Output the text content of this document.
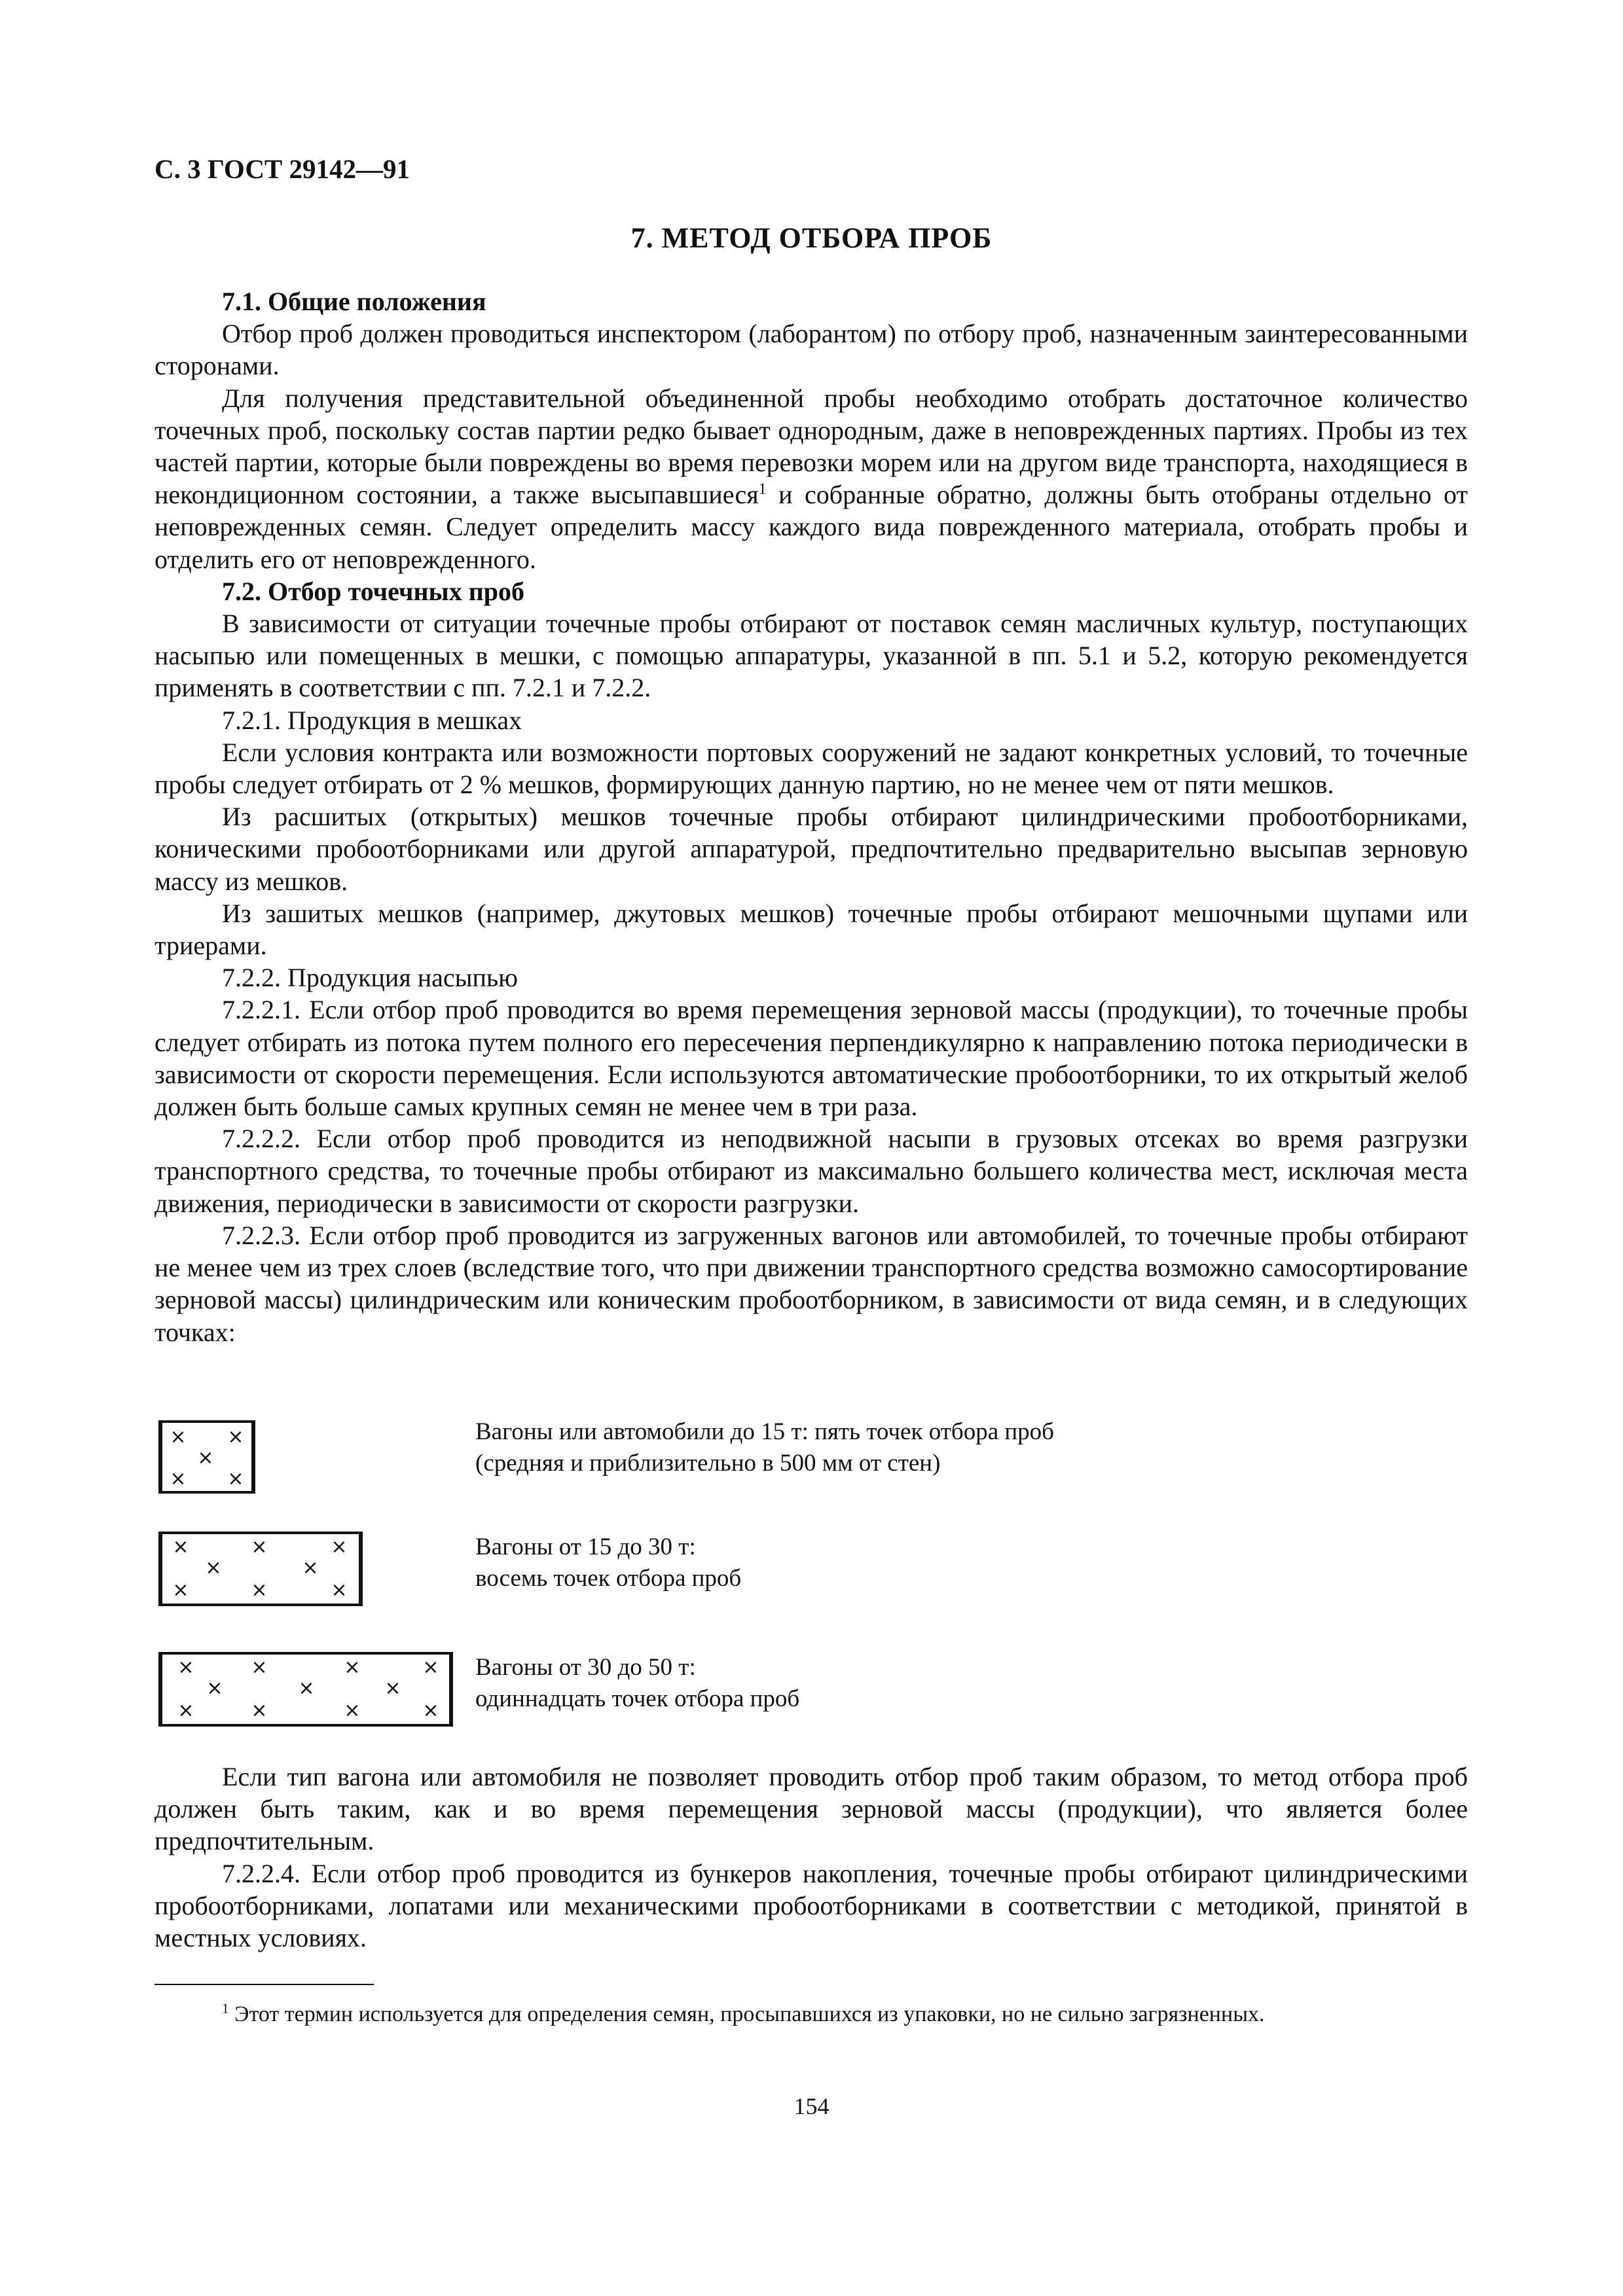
С. 3 ГОСТ 29142—91
7. МЕТОД ОТБОРА ПРОБ

7.1. Общие положения

Отбор проб должен проводиться инспектором (лаборантом) по отбору проб, назначенным заинтересованными сторонами.

Для получения представительной объединенной пробы необходимо отобрать достаточное количество точечных проб, поскольку состав партии редко бывает однородным, даже в неповрежденных партиях. Пробы из тех частей партии, которые были повреждены во время перевозки морем или на другом виде транспорта, находящиеся в некондиционном состоянии, а также высыпавшиеся$^1$ и собранные обратно, должны быть отобраны отдельно от неповрежденных семян. Следует определить массу каждого вида поврежденного материала, отобрать пробы и отделить его от неповрежденного.

7.2. Отбор точечных проб

В зависимости от ситуации точечные пробы отбирают от поставок семян масличных культур, поступающих насыпью или помещенных в мешки, с помощью аппаратуры, указанной в пп. 5.1 и 5.2, которую рекомендуется применять в соответствии с пп. 7.2.1 и 7.2.2.

7.2.1. Продукция в мешках

Если условия контракта или возможности портовых сооружений не задают конкретных условий, то точечные пробы следует отбирать от 2 % мешков, формирующих данную партию, но не менее чем от пяти мешков.

Из расшитых (открытых) мешков точечные пробы отбирают цилиндрическими пробоотборниками, коническими пробоотборниками или другой аппаратурой, предпочтительно предварительно высыпав зерновую массу из мешков.

Из зашитых мешков (например, джутовых мешков) точечные пробы отбирают мешочными щупами или триерами.

7.2.2. Продукция насыпью

7.2.2.1. Если отбор проб проводится во время перемещения зерновой массы (продукции), то точечные пробы следует отбирать из потока путем полного его пересечения перпендикулярно к направлению потока периодически в зависимости от скорости перемещения. Если используются автоматические пробоотборники, то их открытый желоб должен быть больше самых крупных семян не менее чем в три раза.

7.2.2.2. Если отбор проб проводится из неподвижной насыпи в грузовых отсеках во время разгрузки транспортного средства, то точечные пробы отбирают из максимально большего количества мест, исключая места движения, периодически в зависимости от скорости разгрузки.

7.2.2.3. Если отбор проб проводится из загруженных вагонов или автомобилей, то точечные пробы отбирают не менее чем из трех слоев (вследствие того, что при движении транспортного средства возможно самосортирование зерновой массы) цилиндрическим или коническим пробоотборником, в зависимости от вида семян, и в следующих точках:

× ×
×
× ×
Вагоны или автомобили до 15 т: пять точек отбора проб
(средняя и приблизительно в 500 мм от стен)
×	×	×
×	×
×	×	×
Вагоны от 15 до 30 т:
восемь точек отбора проб
×	×	×	×
×	×	×
×	×	×	×
Вагоны от 30 до 50 т:
одиннадцать точек отбора проб

Если тип вагона или автомобиля не позволяет проводить отбор проб таким образом, то метод отбора проб должен быть таким, как и во время перемещения зерновой массы (продукции), что является более предпочтительным.

7.2.2.4. Если отбор проб проводится из бункеров накопления, точечные пробы отбирают цилиндрическими пробоотборниками, лопатами или механическими пробоотборниками в соответствии с методикой, принятой в местных условиях.

$^1$ Этот термин используется для определения семян, просыпавшихся из упаковки, но не сильно загрязненных.

154
